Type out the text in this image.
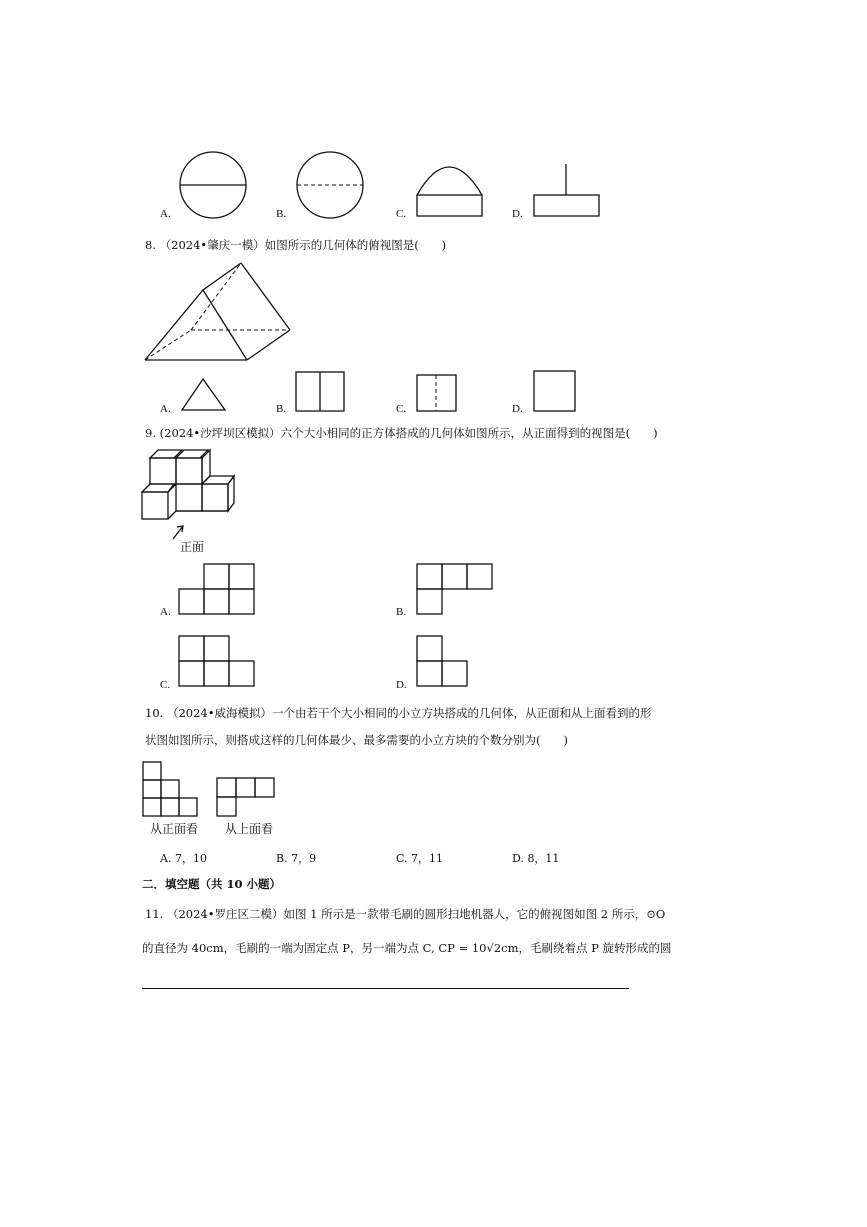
A.	B.	C.	D.
8. （2024•肇庆一模）如图所示的几何体的俯视图是(　　)
A.	B.	C.	D.
9. (2024•沙坪坝区模拟）六个大小相同的正方体搭成的几何体如图所示，从正面得到的视图是(　　)
正面
A.	B.
C.	D.
10. （2024•威海模拟）一个由若干个大小相同的小立方块搭成的几何体，从正面和从上面看到的形
状图如图所示，则搭成这样的几何体最少、最多需要的小立方块的个数分别为(　　)
从正面看 从上面看
A. 7，10	B. 7，9	C. 7，11	D. 8，11
二．填空题（共 10 小题）
11. （2024•罗庄区二模）如图 1 所示是一款带毛刷的圆形扫地机器人，它的俯视图如图 2 所示，⊙O
的直径为 40cm，毛刷的一端为固定点 P，另一端为点 C, CP = 10√2cm，毛刷绕着点 P 旋转形成的圆
